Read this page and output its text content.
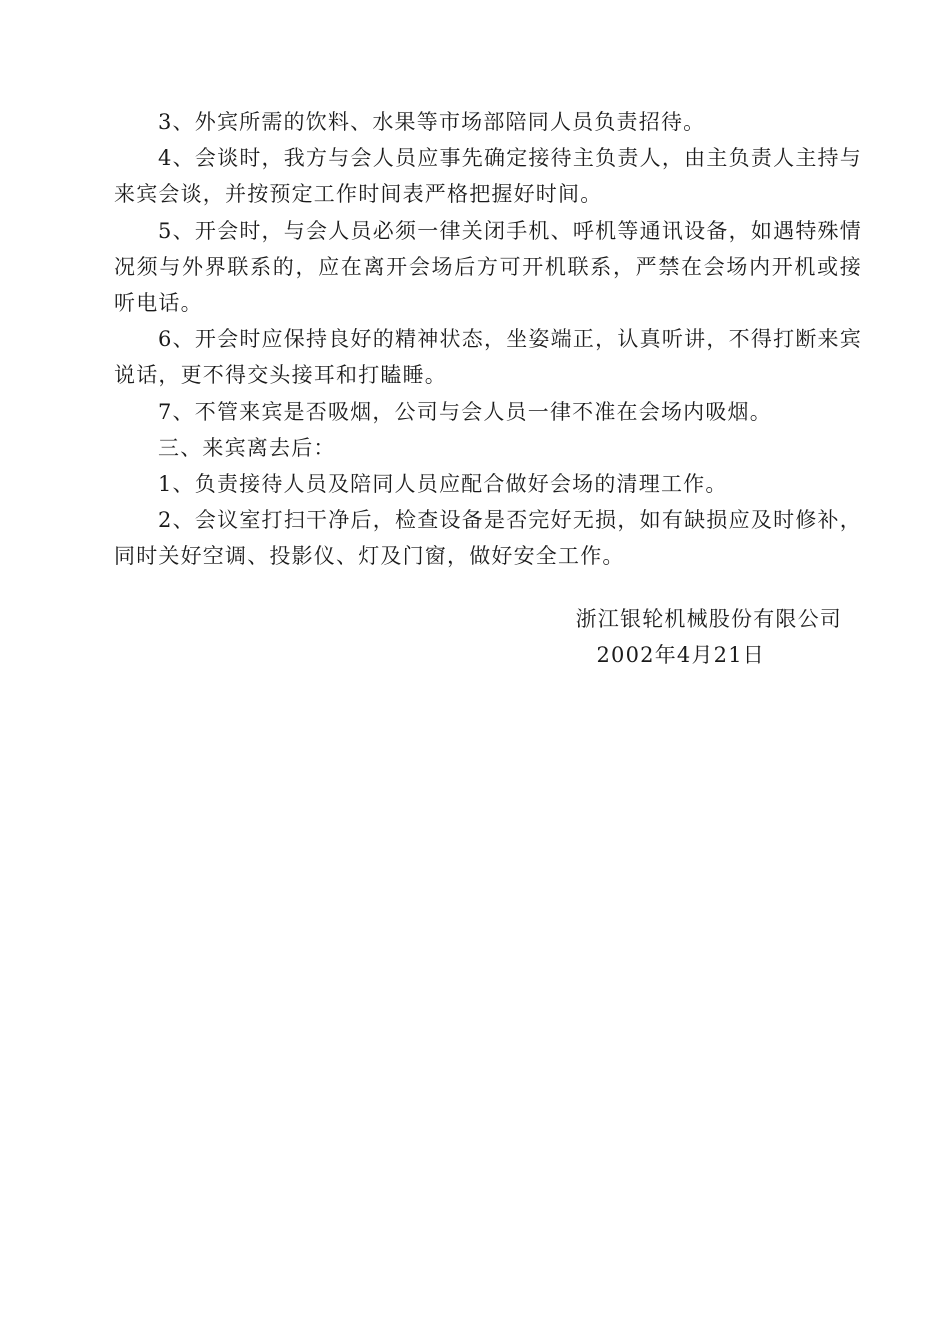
3、外宾所需的饮料、水果等市场部陪同人员负责招待。

4、会谈时，我方与会人员应事先确定接待主负责人，由主负责人主持与来宾会谈，并按预定工作时间表严格把握好时间。

5、开会时，与会人员必须一律关闭手机、呼机等通讯设备，如遇特殊情况须与外界联系的，应在离开会场后方可开机联系，严禁在会场内开机或接听电话。

6、开会时应保持良好的精神状态，坐姿端正，认真听讲，不得打断来宾说话，更不得交头接耳和打瞌睡。

7、不管来宾是否吸烟，公司与会人员一律不准在会场内吸烟。

三、来宾离去后：

1、负责接待人员及陪同人员应配合做好会场的清理工作。

2、会议室打扫干净后，检查设备是否完好无损，如有缺损应及时修补，同时关好空调、投影仪、灯及门窗，做好安全工作。

浙江银轮机械股份有限公司
2002年4月21日
